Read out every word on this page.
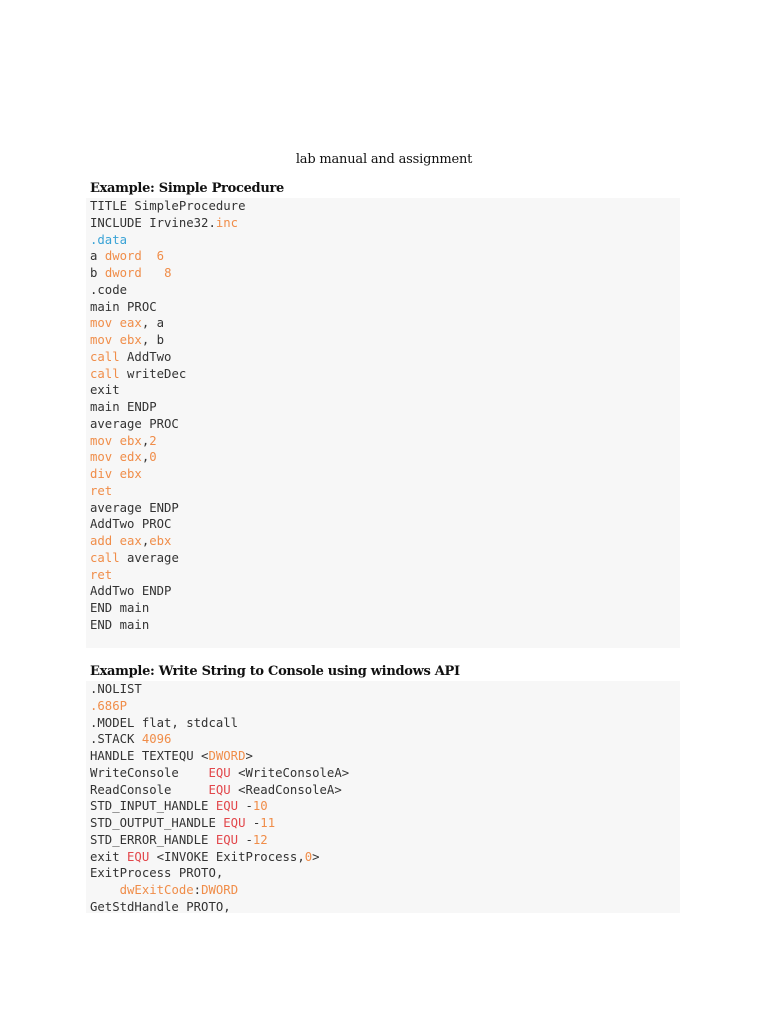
lab manual and assignment
Example: Simple Procedure
TITLE SimpleProcedure
INCLUDE Irvine32.inc
.data
a dword 6
b dword 8
.code
main PROC
mov eax, a
mov ebx, b
call AddTwo
call writeDec
exit
main ENDP
average PROC
mov ebx,2
mov edx,0
div ebx
ret
average ENDP
AddTwo PROC
add eax,ebx
call average
ret
AddTwo ENDP
END main
END main
Example: Write String to Console using windows API
.NOLIST
.686P
.MODEL flat, stdcall
.STACK 4096
HANDLE TEXTEQU <DWORD>
WriteConsole    EQU <WriteConsoleA>
ReadConsole     EQU <ReadConsoleA>
STD_INPUT_HANDLE EQU -10
STD_OUTPUT_HANDLE EQU -11
STD_ERROR_HANDLE EQU -12
exit EQU <INVOKE ExitProcess,0>
ExitProcess PROTO,
dwExitCode:DWORD
GetStdHandle PROTO,
